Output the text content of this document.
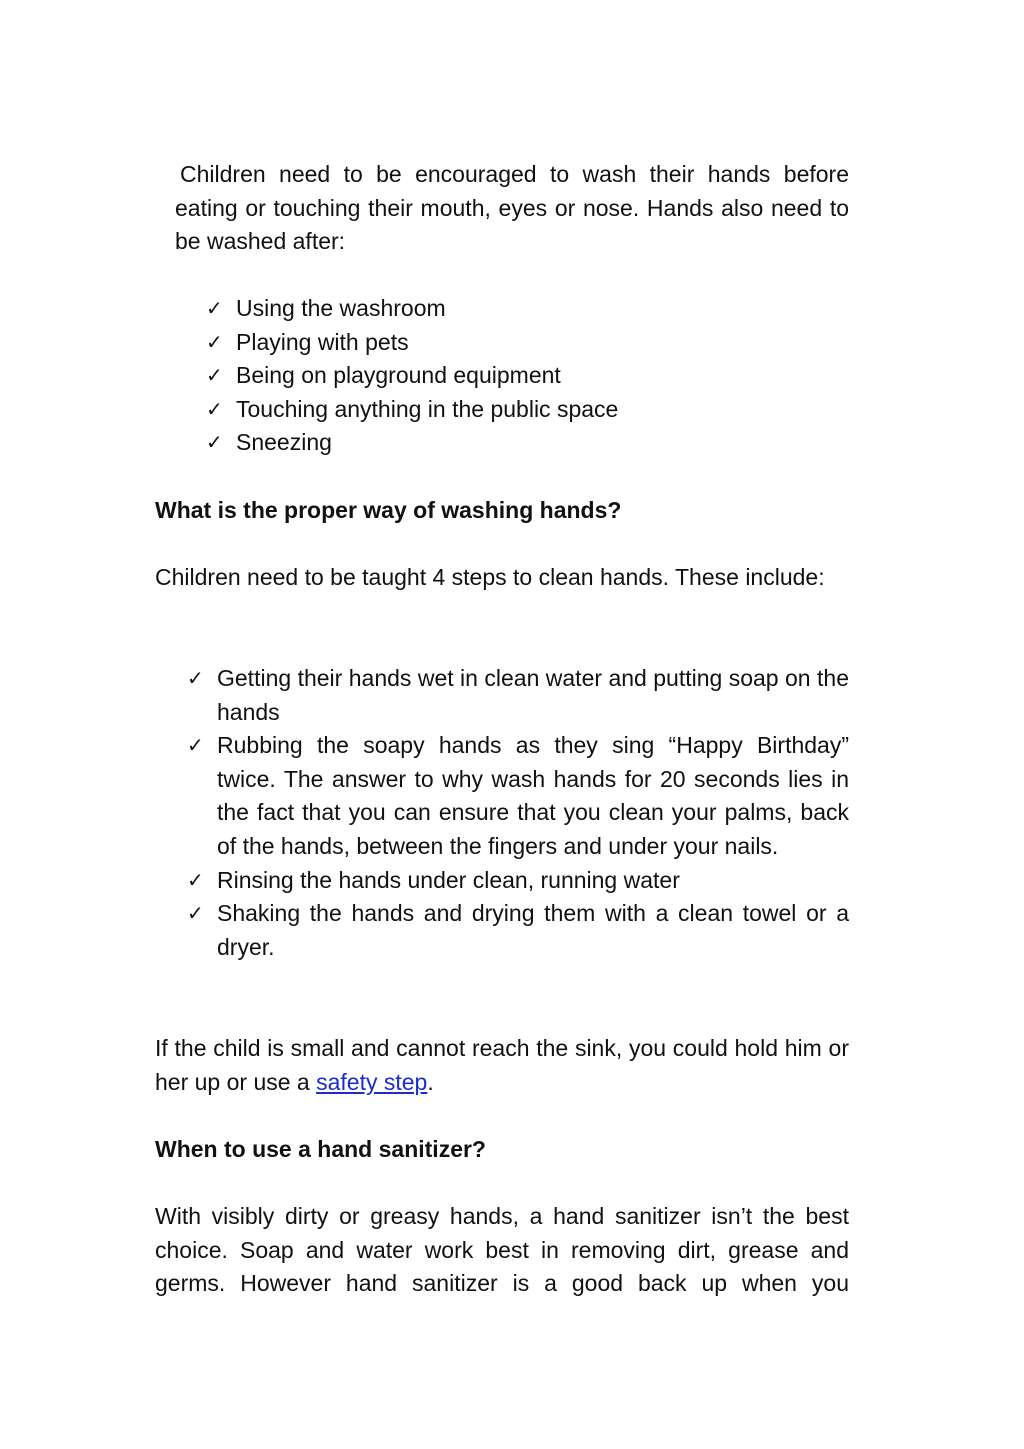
Children need to be encouraged to wash their hands before eating or touching their mouth, eyes or nose. Hands also need to be washed after:
✓ Using the washroom
✓ Playing with pets
✓ Being on playground equipment
✓ Touching anything in the public space
✓ Sneezing
What is the proper way of washing hands?
Children need to be taught 4 steps to clean hands. These include:
✓ Getting their hands wet in clean water and putting soap on the hands
✓ Rubbing the soapy hands as they sing “Happy Birthday” twice. The answer to why wash hands for 20 seconds lies in the fact that you can ensure that you clean your palms, back of the hands, between the fingers and under your nails.
✓ Rinsing the hands under clean, running water
✓ Shaking the hands and drying them with a clean towel or a dryer.
If the child is small and cannot reach the sink, you could hold him or her up or use a safety step.
When to use a hand sanitizer?
With visibly dirty or greasy hands, a hand sanitizer isn’t the best choice. Soap and water work best in removing dirt, grease and germs. However hand sanitizer is a good back up when you
